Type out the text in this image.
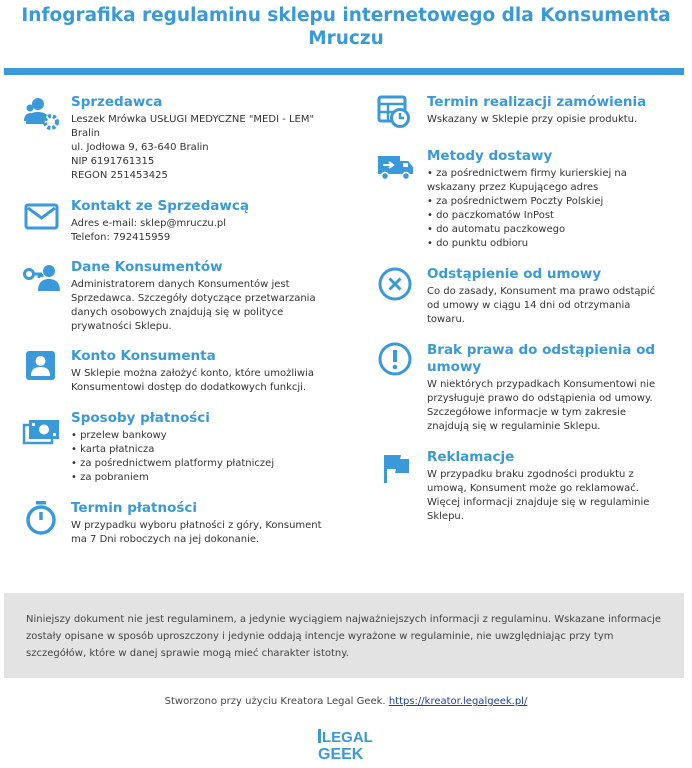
Infografika regulaminu sklepu internetowego dla Konsumenta Mruczu
Sprzedawca
Leszek Mrówka USŁUGI MEDYCZNE "MEDI - LEM"
Bralin
ul. Jodłowa 9, 63-640 Bralin
NIP 6191761315
REGON 251453425
Kontakt ze Sprzedawcą
Adres e-mail: sklep@mruczu.pl
Telefon: 792415959
Dane Konsumentów
Administratorem danych Konsumentów jest Sprzedawca. Szczegóły dotyczące przetwarzania danych osobowych znajdują się w polityce prywatności Sklepu.
Konto Konsumenta
W Sklepie można założyć konto, które umożliwia Konsumentowi dostęp do dodatkowych funkcji.
Sposoby płatności
• przelew bankowy
• karta płatnicza
• za pośrednictwem platformy płatniczej
• za pobraniem
Termin płatności
W przypadku wyboru płatności z góry, Konsument ma 7 Dni roboczych na jej dokonanie.
Termin realizacji zamówienia
Wskazany w Sklepie przy opisie produktu.
Metody dostawy
• za pośrednictwem firmy kurierskiej na
wskazany przez Kupującego adres
• za pośrednictwem Poczty Polskiej
• do paczkomatów InPost
• do automatu paczkowego
• do punktu odbioru
Odstąpienie od umowy
Co do zasady, Konsument ma prawo odstąpić od umowy w ciągu 14 dni od otrzymania towaru.
Brak prawa do odstąpienia od umowy
W niektórych przypadkach Konsumentowi nie przysługuje prawo do odstąpienia od umowy. Szczegółowe informacje w tym zakresie znajdują się w regulaminie Sklepu.
Reklamacje
W przypadku braku zgodności produktu z umową, Konsument może go reklamować. Więcej informacji znajduje się w regulaminie Sklepu.

Niniejszy dokument nie jest regulaminem, a jedynie wyciągiem najważniejszych informacji z regulaminu. Wskazane informacje zostały opisane w sposób uproszczony i jedynie oddają intencje wyrażone w regulaminie, nie uwzględniając przy tym szczegółów, które w danej sprawie mogą mieć charakter istotny.

Stworzono przy użyciu Kreatora Legal Geek. https://kreator.legalgeek.pl/
LEGAL
GEEK
